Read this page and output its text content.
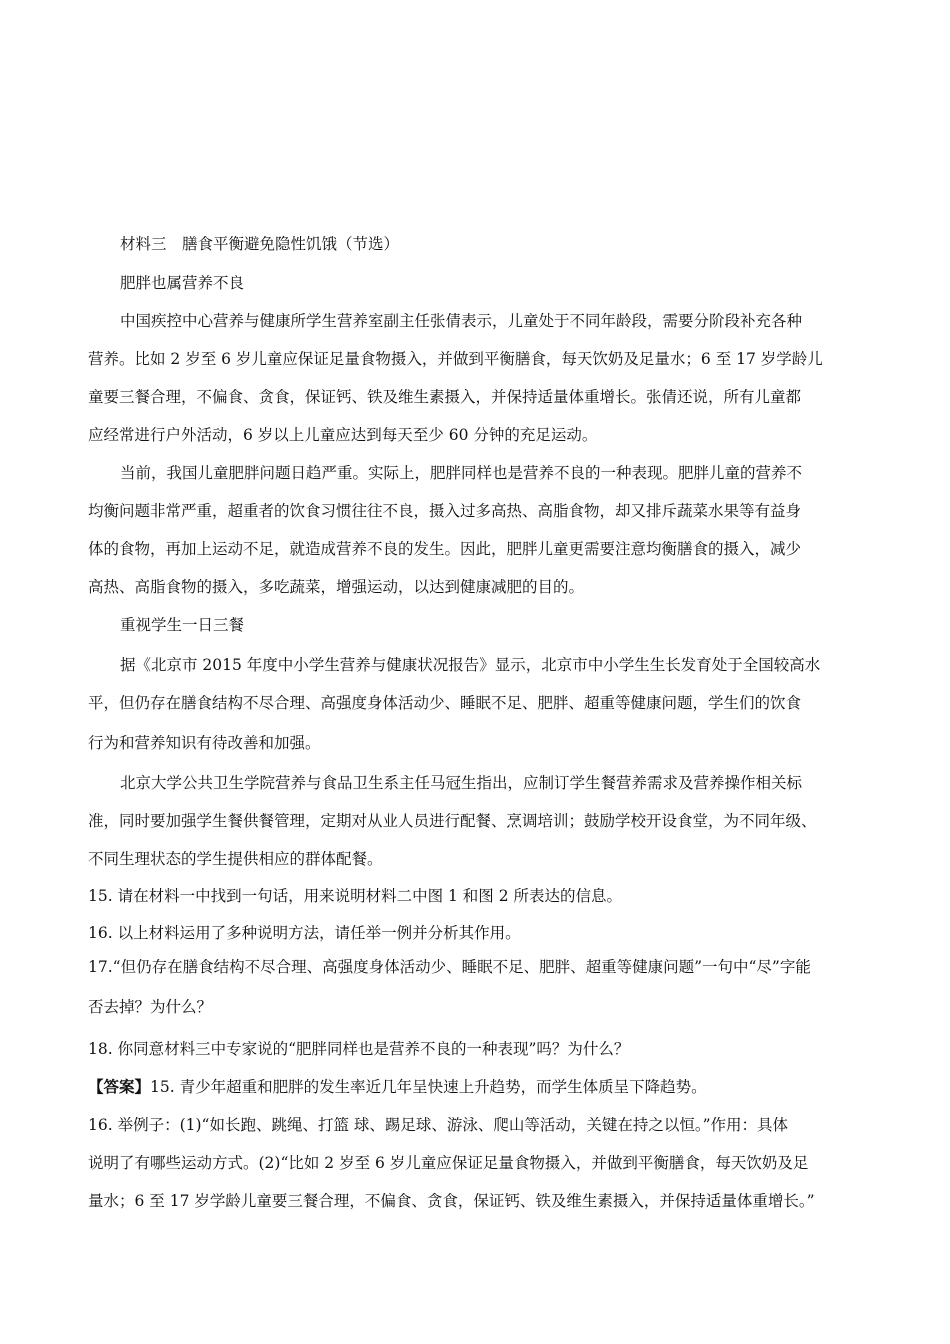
材料三　膳食平衡避免隐性饥饿（节选）
肥胖也属营养不良
中国疾控中心营养与健康所学生营养室副主任张倩表示，儿童处于不同年龄段，需要分阶段补充各种
营养。比如 2 岁至 6 岁儿童应保证足量食物摄入，并做到平衡膳食，每天饮奶及足量水；6 至 17 岁学龄儿
童要三餐合理，不偏食、贪食，保证钙、铁及维生素摄入，并保持适量体重增长。张倩还说，所有儿童都
应经常进行户外活动，6 岁以上儿童应达到每天至少 60 分钟的充足运动。
当前，我国儿童肥胖问题日趋严重。实际上，肥胖同样也是营养不良的一种表现。肥胖儿童的营养不
均衡问题非常严重，超重者的饮食习惯往往不良，摄入过多高热、高脂食物，却又排斥蔬菜水果等有益身
体的食物，再加上运动不足，就造成营养不良的发生。因此，肥胖儿童更需要注意均衡膳食的摄入，减少
高热、高脂食物的摄入，多吃蔬菜，增强运动，以达到健康减肥的目的。
重视学生一日三餐
据《北京市 2015 年度中小学生营养与健康状况报告》显示，北京市中小学生生长发育处于全国较高水
平，但仍存在膳食结构不尽合理、高强度身体活动少、睡眠不足、肥胖、超重等健康问题，学生们的饮食
行为和营养知识有待改善和加强。
北京大学公共卫生学院营养与食品卫生系主任马冠生指出，应制订学生餐营养需求及营养操作相关标
准，同时要加强学生餐供餐管理，定期对从业人员进行配餐、烹调培训；鼓励学校开设食堂，为不同年级、
不同生理状态的学生提供相应的群体配餐。
15. 请在材料一中找到一句话，用来说明材料二中图 1 和图 2 所表达的信息。
16. 以上材料运用了多种说明方法，请任举一例并分析其作用。
17.“但仍存在膳食结构不尽合理、高强度身体活动少、睡眠不足、肥胖、超重等健康问题”一句中“尽”字能
否去掉？为什么？
18. 你同意材料三中专家说的“肥胖同样也是营养不良的一种表现”吗？为什么？
【答案】15. 青少年超重和肥胖的发生率近几年呈快速上升趋势，而学生体质呈下降趋势。
16. 举例子：(1)“如长跑、跳绳、打篮 球、踢足球、游泳、爬山等活动，关键在持之以恒。”作用：具体
说明了有哪些运动方式。(2)“比如 2 岁至 6 岁儿童应保证足量食物摄入，并做到平衡膳食，每天饮奶及足
量水；6 至 17 岁学龄儿童要三餐合理，不偏食、贪食，保证钙、铁及维生素摄入，并保持适量体重增长。”
